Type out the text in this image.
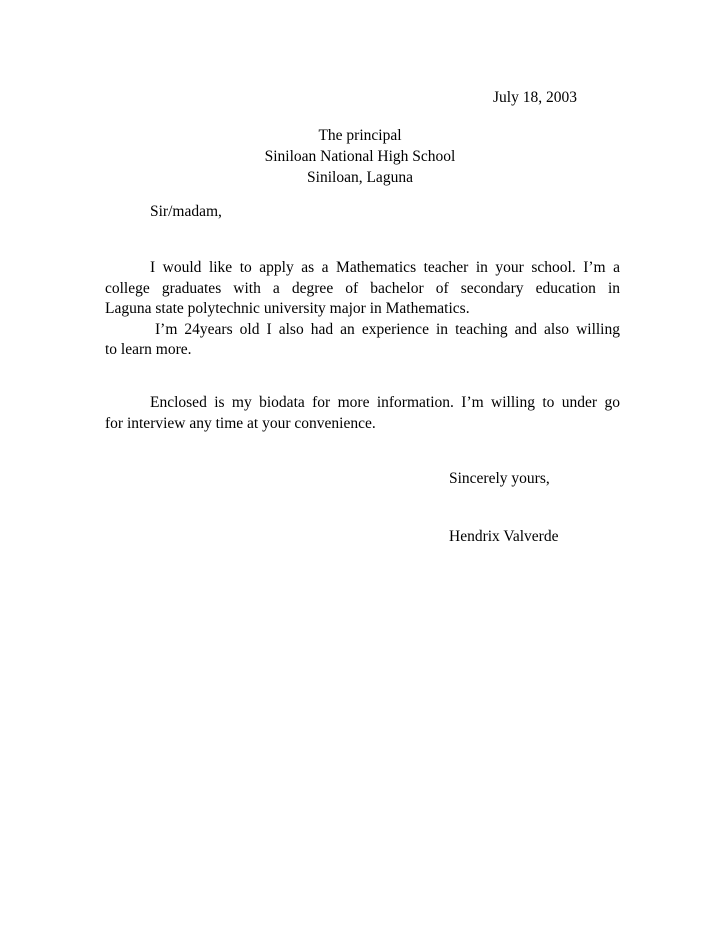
July 18, 2003
The principal
Siniloan National High School
Siniloan, Laguna
Sir/madam,
I would like to apply as a Mathematics teacher in your school. I’m a
college graduates with a degree of bachelor of secondary education in
Laguna state polytechnic university major in Mathematics.
I’m 24years old I also had an experience in teaching and also willing
to learn more.
Enclosed is my biodata for more information. I’m willing to under go
for interview any time at your convenience.
Sincerely yours,
Hendrix Valverde
